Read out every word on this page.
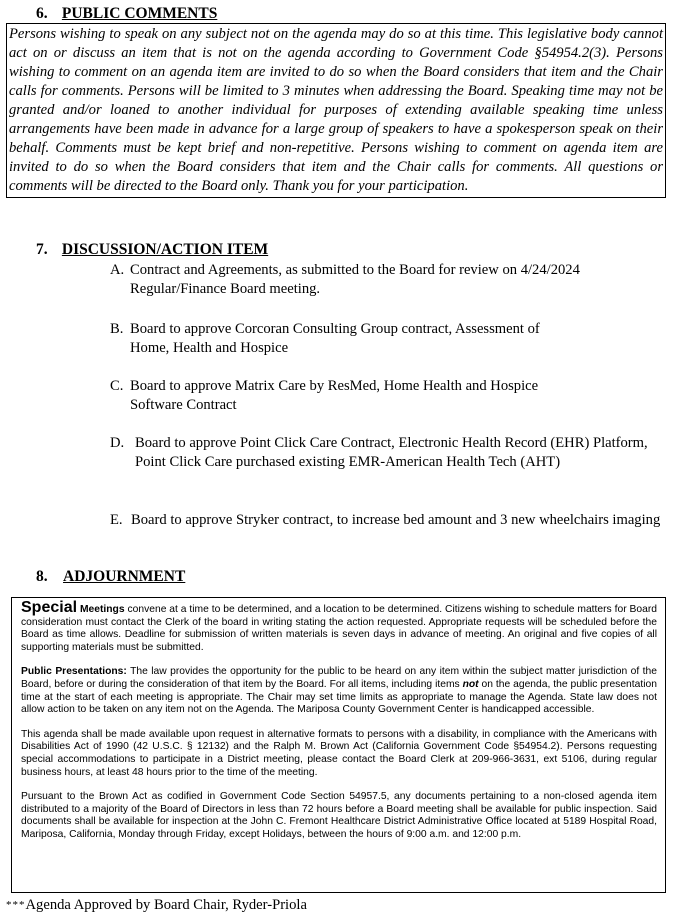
6. PUBLIC COMMENTS

Persons wishing to speak on any subject not on the agenda may do so at this time. This legislative body cannot act on or discuss an item that is not on the agenda according to Government Code §54954.2(3). Persons wishing to comment on an agenda item are invited to do so when the Board considers that item and the Chair calls for comments. Persons will be limited to 3 minutes when addressing the Board. Speaking time may not be granted and/or loaned to another individual for purposes of extending available speaking time unless arrangements have been made in advance for a large group of speakers to have a spokesperson speak on their behalf. Comments must be kept brief and non-repetitive. Persons wishing to comment on agenda item are invited to do so when the Board considers that item and the Chair calls for comments. All questions or comments will be directed to the Board only. Thank you for your participation.

7. DISCUSSION/ACTION ITEM
A. Contract and Agreements, as submitted to the Board for review on 4/24/2024 Regular/Finance Board meeting.
B. Board to approve Corcoran Consulting Group contract, Assessment of Home, Health and Hospice
C. Board to approve Matrix Care by ResMed, Home Health and Hospice Software Contract
D. Board to approve Point Click Care Contract, Electronic Health Record (EHR) Platform, Point Click Care purchased existing EMR-American Health Tech (AHT)
E. Board to approve Stryker contract, to increase bed amount and 3 new wheelchairs imaging
8. ADJOURNMENT

Special Meetings convene at a time to be determined, and a location to be determined. Citizens wishing to schedule matters for Board consideration must contact the Clerk of the board in writing stating the action requested. Appropriate requests will be scheduled before the Board as time allows. Deadline for submission of written materials is seven days in advance of meeting. An original and five copies of all supporting materials must be submitted.

Public Presentations: The law provides the opportunity for the public to be heard on any item within the subject matter jurisdiction of the Board, before or during the consideration of that item by the Board. For all items, including items not on the agenda, the public presentation time at the start of each meeting is appropriate. The Chair may set time limits as appropriate to manage the Agenda. State law does not allow action to be taken on any item not on the Agenda. The Mariposa County Government Center is handicapped accessible.

This agenda shall be made available upon request in alternative formats to persons with a disability, in compliance with the Americans with Disabilities Act of 1990 (42 U.S.C. § 12132) and the Ralph M. Brown Act (California Government Code §54954.2). Persons requesting special accommodations to participate in a District meeting, please contact the Board Clerk at 209-966-3631, ext 5106, during regular business hours, at least 48 hours prior to the time of the meeting.

Pursuant to the Brown Act as codified in Government Code Section 54957.5, any documents pertaining to a non-closed agenda item distributed to a majority of the Board of Directors in less than 72 hours before a Board meeting shall be available for public inspection. Said documents shall be available for inspection at the John C. Fremont Healthcare District Administrative Office located at 5189 Hospital Road, Mariposa, California, Monday through Friday, except Holidays, between the hours of 9:00 a.m. and 12:00 p.m.

***Agenda Approved by Board Chair, Ryder-Priola
